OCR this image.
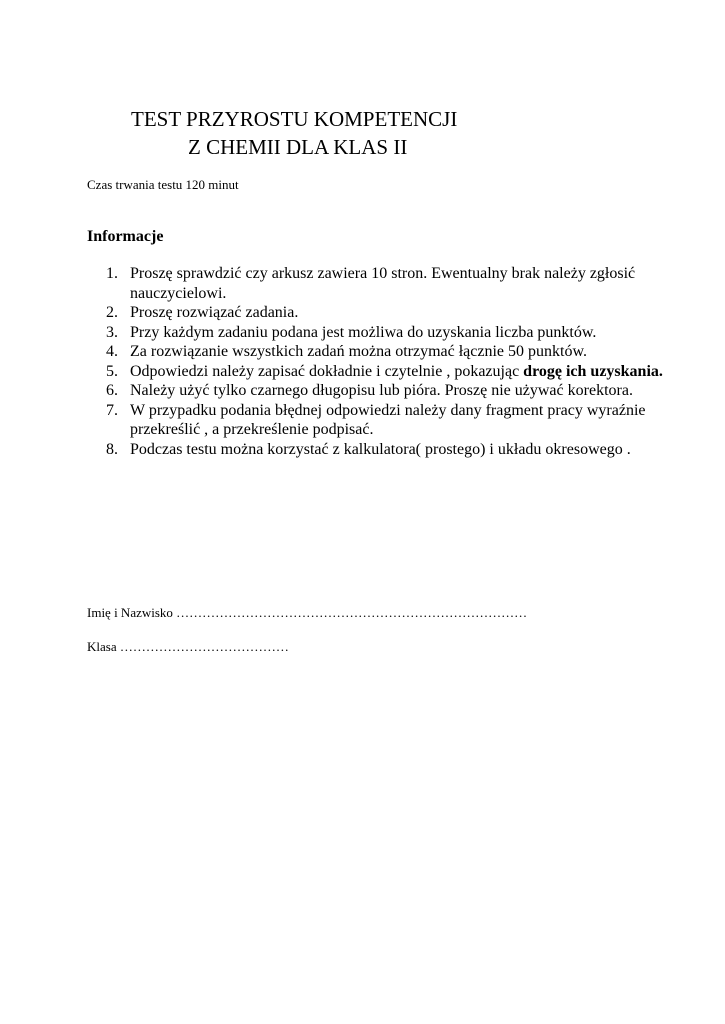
TEST PRZYROSTU KOMPETENCJI
Z CHEMII DLA KLAS II
Czas trwania testu 120 minut
Informacje
1. Proszę sprawdzić czy arkusz zawiera 10 stron. Ewentualny brak należy zgłosić nauczycielowi.
2. Proszę rozwiązać zadania.
3. Przy każdym zadaniu podana jest możliwa do uzyskania liczba punktów.
4. Za rozwiązanie wszystkich zadań można otrzymać łącznie 50 punktów.
5. Odpowiedzi należy zapisać dokładnie i czytelnie , pokazując drogę ich uzyskania.
6. Należy użyć tylko czarnego długopisu lub pióra. Proszę nie używać korektora.
7. W przypadku podania błędnej odpowiedzi należy dany fragment pracy wyraźnie przekreślić , a przekreślenie podpisać.
8. Podczas testu można korzystać z kalkulatora( prostego) i układu okresowego .
Imię i Nazwisko ………………………………………………………………………
Klasa …………………………………
